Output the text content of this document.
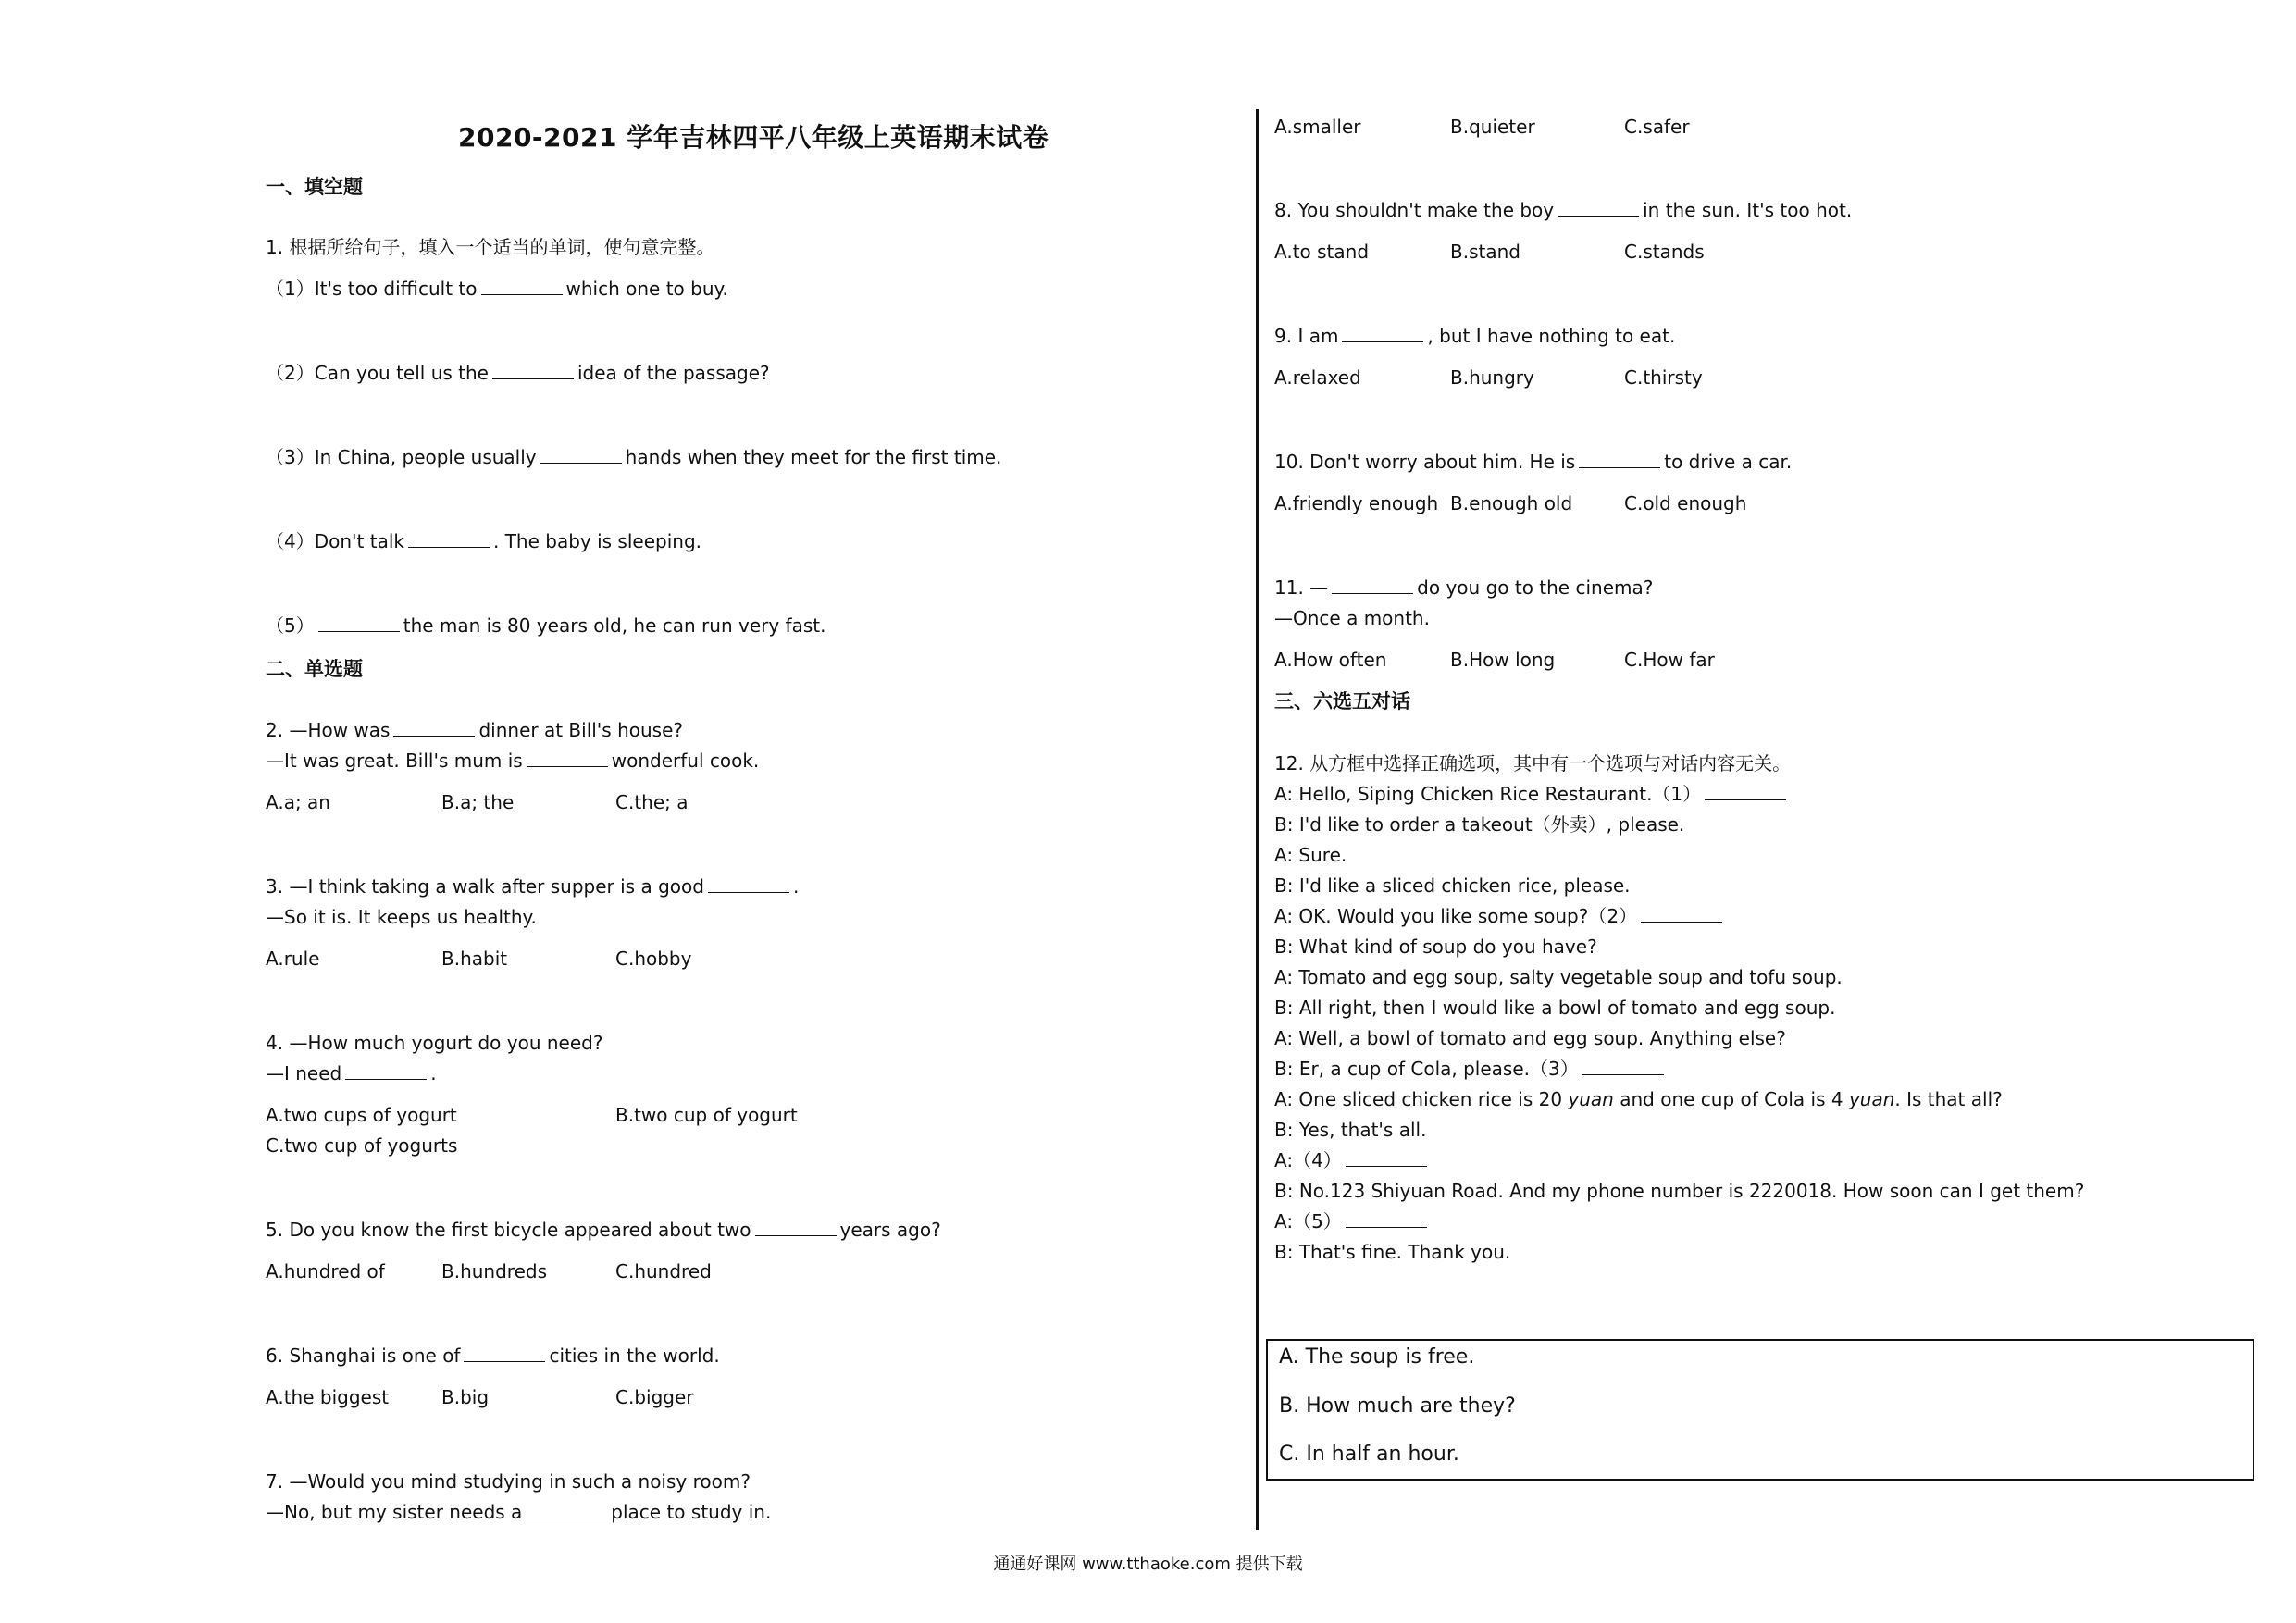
2020-2021 学年吉林四平八年级上英语期末试卷
一、填空题
1. 根据所给句子，填入一个适当的单词，使句意完整。
（1）It's too difficult to	which one to buy.
（2）Can you tell us the	idea of the passage?
（3）In China, people usually	hands when they meet for the first time.
（4）Don't talk	. The baby is sleeping.
（5）	the man is 80 years old, he can run very fast.
二、单选题
2. —How was	dinner at Bill's house?
—It was great. Bill's mum is	wonderful cook.
A.a; an	B.a; the	C.the; a
3. —I think taking a walk after supper is a good	.
—So it is. It keeps us healthy.
A.rule	B.habit	C.hobby
4. —How much yogurt do you need?
—I need	.
A.two cups of yogurt	B.two cup of yogurt
C.two cup of yogurts
5. Do you know the first bicycle appeared about two	years ago?
A.hundred of	B.hundreds	C.hundred
6. Shanghai is one of	cities in the world.
A.the biggest	B.big	C.bigger
7. —Would you mind studying in such a noisy room?
—No, but my sister needs a	place to study in.
A.smaller	B.quieter	C.safer
8. You shouldn't make the boy	in the sun. It's too hot.
A.to stand	B.stand	C.stands
9. I am	, but I have nothing to eat.
A.relaxed	B.hungry	C.thirsty
10. Don't worry about him. He is	to drive a car.
A.friendly enough B.enough old	C.old enough
11. —	do you go to the cinema?
—Once a month.
A.How often	B.How long	C.How far
三、六选五对话
12. 从方框中选择正确选项，其中有一个选项与对话内容无关。
A: Hello, Siping Chicken Rice Restaurant.（1）
B: I'd like to order a takeout（外卖）, please.
A: Sure.
B: I'd like a sliced chicken rice, please.
A: OK. Would you like some soup?（2）
B: What kind of soup do you have?
A: Tomato and egg soup, salty vegetable soup and tofu soup.
B: All right, then I would like a bowl of tomato and egg soup.
A: Well, a bowl of tomato and egg soup. Anything else?
B: Er, a cup of Cola, please.（3）
A: One sliced chicken rice is 20 yuan and one cup of Cola is 4 yuan. Is that all?
B: Yes, that's all.
A:（4）
B: No.123 Shiyuan Road. And my phone number is 2220018. How soon can I get them?
A:（5）
B: That's fine. Thank you.
A. The soup is free.
B. How much are they?
C. In half an hour.
通通好课网 www.tthaoke.com 提供下载
